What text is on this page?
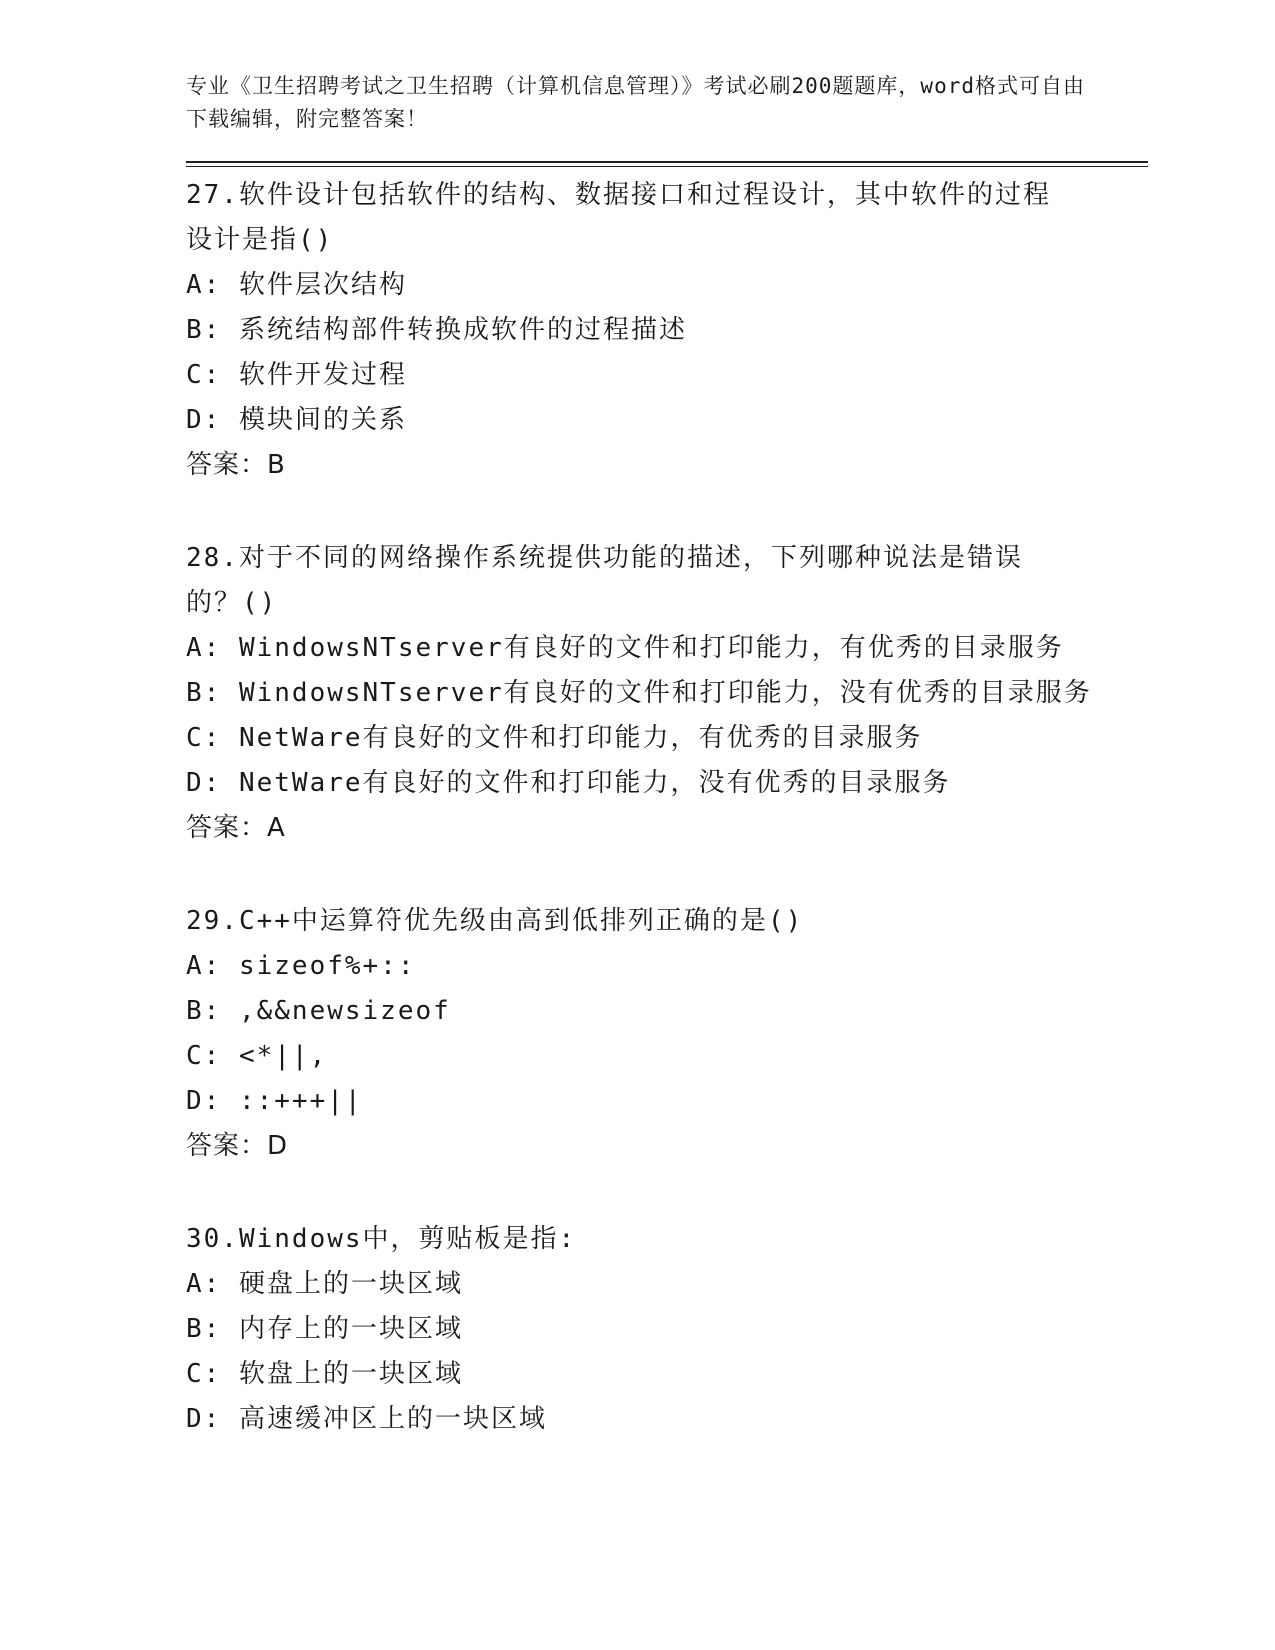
专业《卫生招聘考试之卫生招聘（计算机信息管理）》考试必刷200题题库，word格式可自由下载编辑，附完整答案！
27.软件设计包括软件的结构、数据接口和过程设计，其中软件的过程设计是指()
A: 软件层次结构
B: 系统结构部件转换成软件的过程描述
C: 软件开发过程
D: 模块间的关系
答案：B
28.对于不同的网络操作系统提供功能的描述，下列哪种说法是错误的？()
A: WindowsNTserver有良好的文件和打印能力，有优秀的目录服务
B: WindowsNTserver有良好的文件和打印能力，没有优秀的目录服务
C: NetWare有良好的文件和打印能力，有优秀的目录服务
D: NetWare有良好的文件和打印能力，没有优秀的目录服务
答案：A
29.C++中运算符优先级由高到低排列正确的是()
A: sizeof%+::
B: ,&&newsizeof
C: <*||,
D: ::+++||
答案：D
30.Windows中，剪贴板是指:
A: 硬盘上的一块区域
B: 内存上的一块区域
C: 软盘上的一块区域
D: 高速缓冲区上的一块区域
